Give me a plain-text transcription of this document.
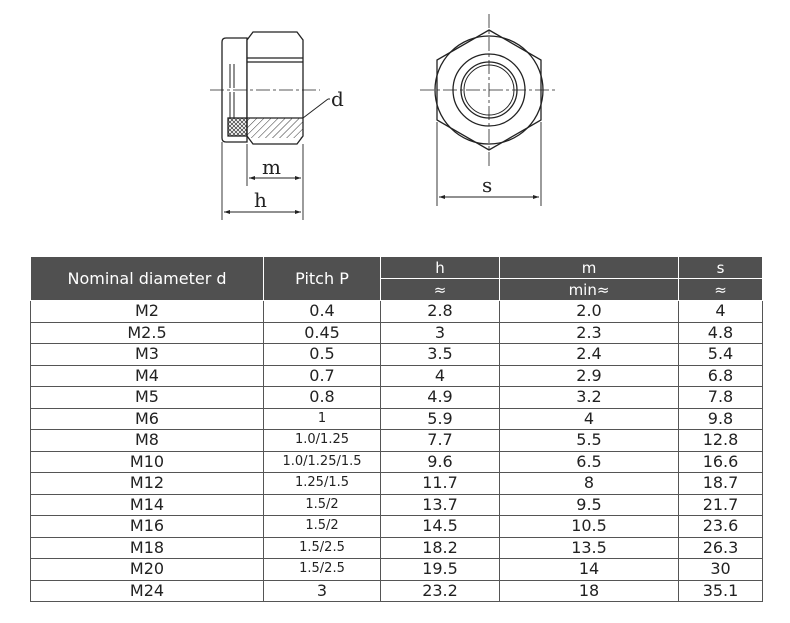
d
m
h
s
Nominal diameter d	Pitch P	h	m	s
		≈	min≈	≈
M2	0.4	2.8	2.0	4
M2.5	0.45	3	2.3	4.8
M3	0.5	3.5	2.4	5.4
M4	0.7	4	2.9	6.8
M5	0.8	4.9	3.2	7.8
M6	1	5.9	4	9.8
M8	1.0/1.25	7.7	5.5	12.8
M10	1.0/1.25/1.5	9.6	6.5	16.6
M12	1.25/1.5	11.7	8	18.7
M14	1.5/2	13.7	9.5	21.7
M16	1.5/2	14.5	10.5	23.6
M18	1.5/2.5	18.2	13.5	26.3
M20	1.5/2.5	19.5	14	30
M24	3	23.2	18	35.1
